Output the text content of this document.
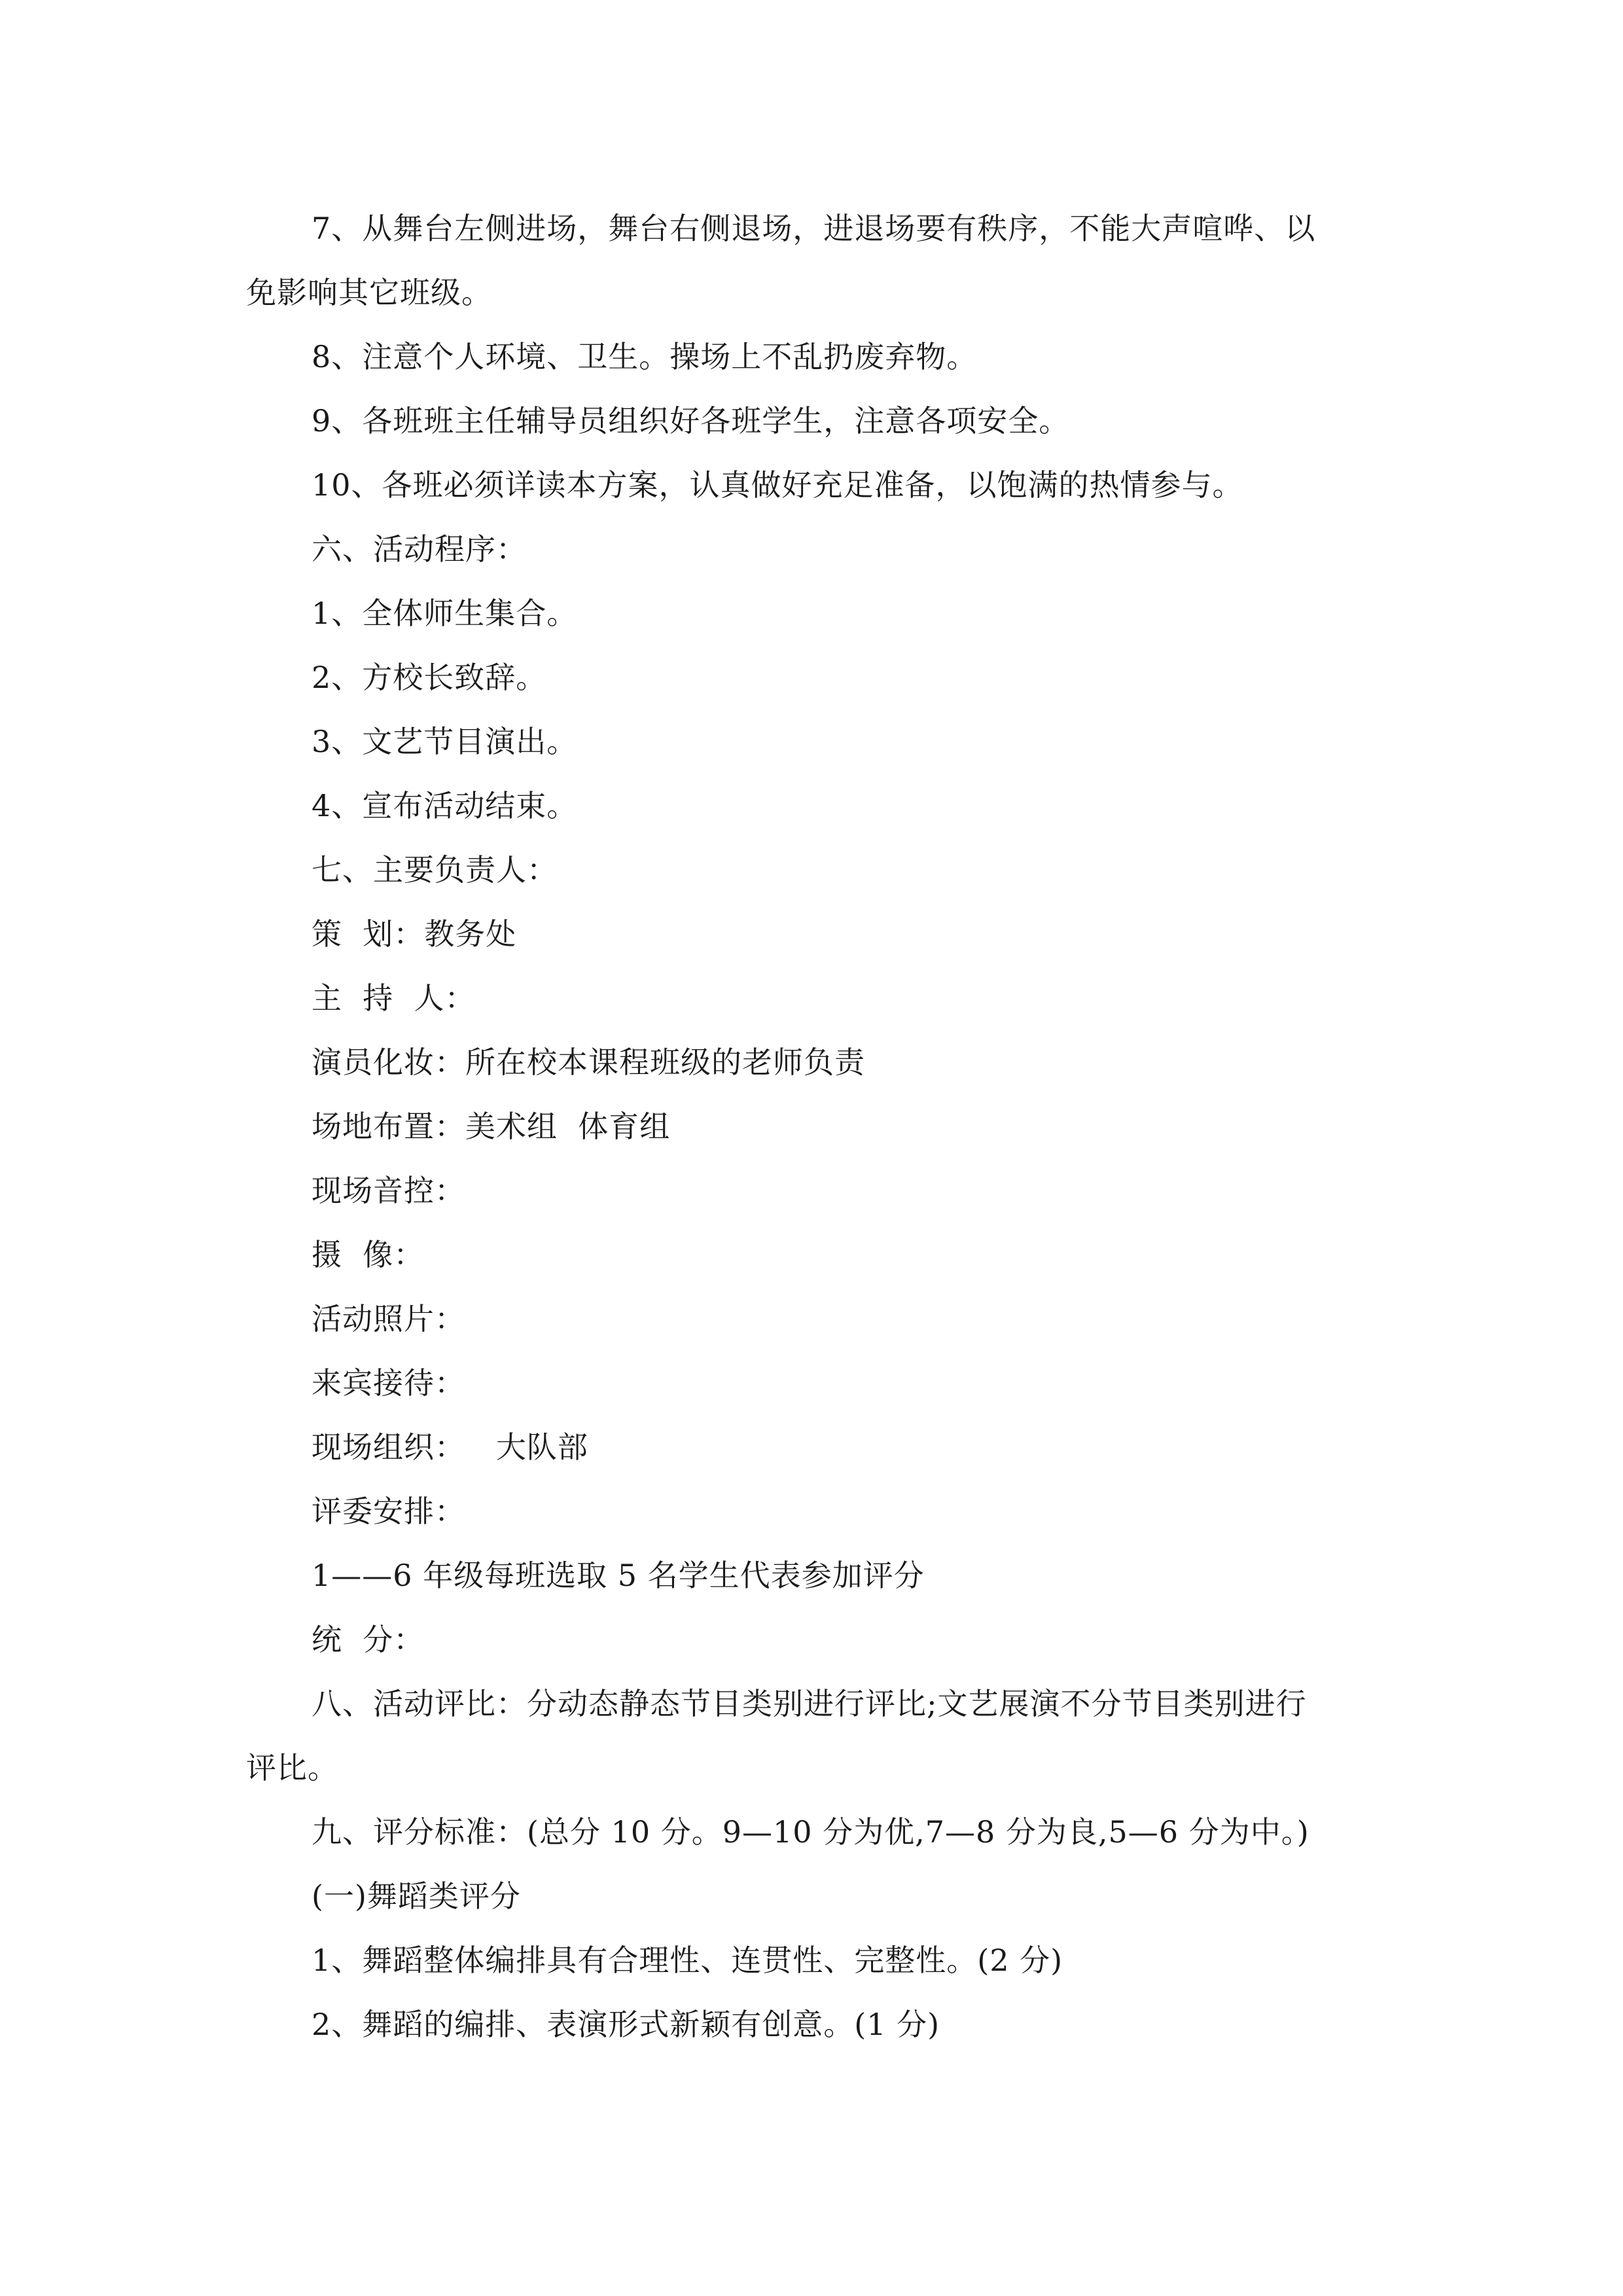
7、从舞台左侧进场，舞台右侧退场，进退场要有秩序，不能大声喧哗、以
免影响其它班级。
8、注意个人环境、卫生。操场上不乱扔废弃物。
9、各班班主任辅导员组织好各班学生，注意各项安全。
10、各班必须详读本方案，认真做好充足准备，以饱满的热情参与。
六、活动程序：
1、全体师生集合。
2、方校长致辞。
3、文艺节目演出。
4、宣布活动结束。
七、主要负责人：
策  划：教务处
主  持  人：
演员化妆：所在校本课程班级的老师负责
场地布置：美术组  体育组
现场音控：
摄  像：
活动照片：
来宾接待：
现场组织：   大队部
评委安排：
1——6 年级每班选取 5 名学生代表参加评分
统  分：
八、活动评比：分动态静态节目类别进行评比;文艺展演不分节目类别进行
评比。
九、评分标准：(总分 10 分。9—10 分为优,7—8 分为良,5—6 分为中。)
(一)舞蹈类评分
1、舞蹈整体编排具有合理性、连贯性、完整性。(2 分)
2、舞蹈的编排、表演形式新颖有创意。(1 分)
